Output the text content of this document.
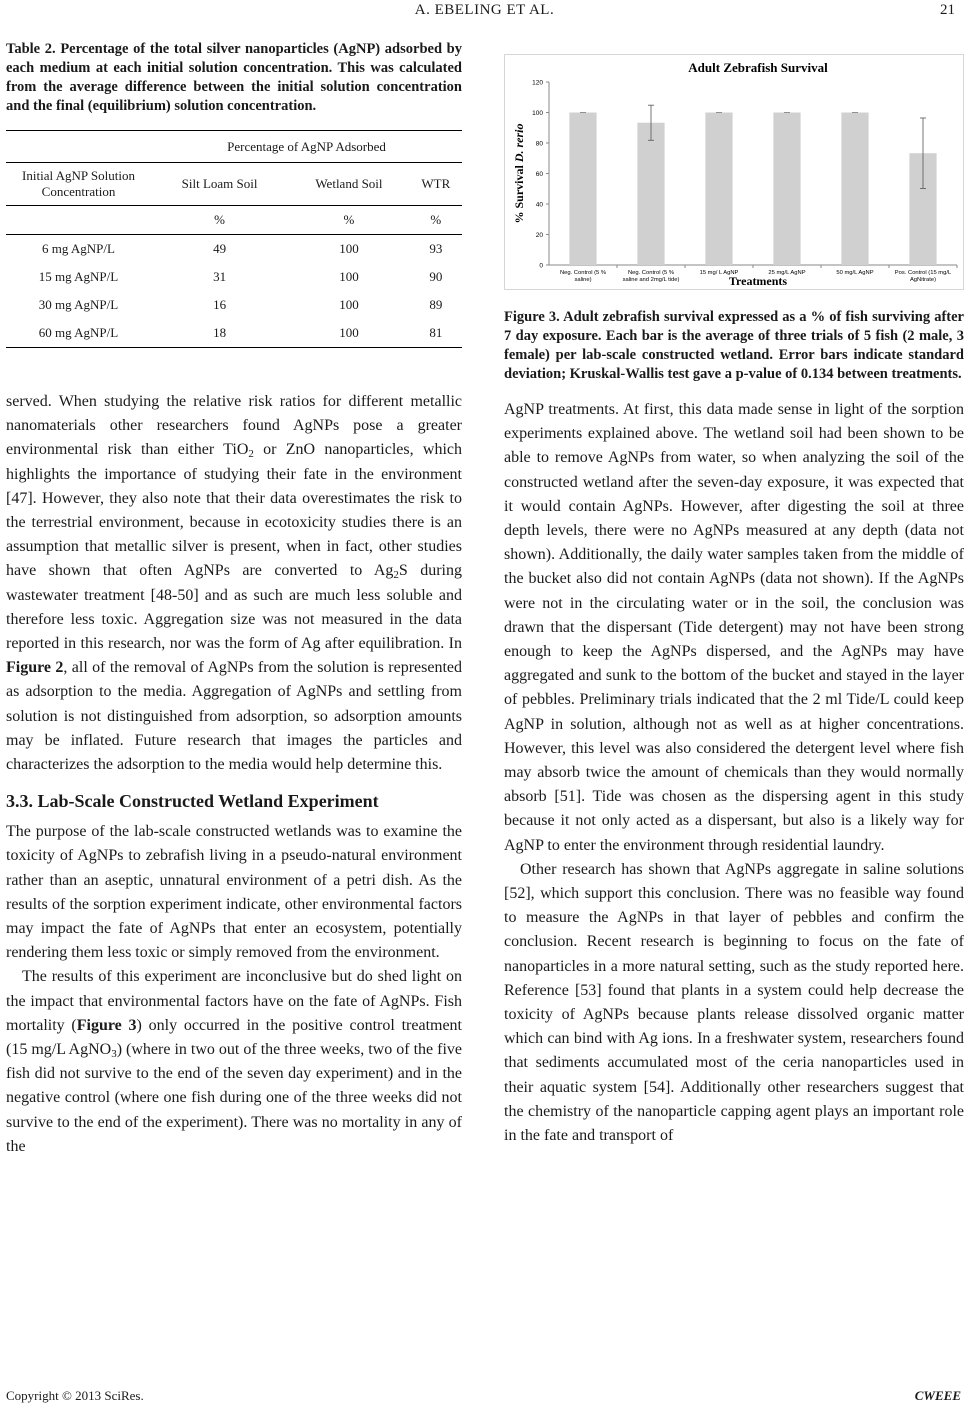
A. EBELING ET AL.	21

Table 2. Percentage of the total silver nanoparticles (AgNP) adsorbed by each medium at each initial solution concentration. This was calculated from the average difference between the initial solution concentration and the final (equilibrium) solution concentration.

	Percentage of AgNP Adsorbed		
Initial AgNP Solution Concentration	Silt Loam Soil	Wetland Soil	WTR
	%	%	%
6 mg AgNP/L	49	100	93
15 mg AgNP/L	31	100	90
30 mg AgNP/L	16	100	89
60 mg AgNP/L	18	100	81

served. When studying the relative risk ratios for different metallic nanomaterials other researchers found AgNPs pose a greater environmental risk than either TiO$_2$ or ZnO nanoparticles, which highlights the importance of studying their fate in the environment [47]. However, they also note that their data overestimates the risk to the terrestrial environment, because in ecotoxicity studies there is an assumption that metallic silver is present, when in fact, other studies have shown that often AgNPs are converted to $Ag_2S$ during wastewater treatment [48-50] and as such are much less soluble and therefore less toxic. Aggregation size was not measured in the data reported in this research, nor was the form of Ag after equilibration. In Figure 2, all of the removal of AgNPs from the solution is represented as adsorption to the media. Aggregation of AgNPs and settling from solution is not distinguished from adsorption, so adsorption amounts may be inflated. Future research that images the particles and characterizes the adsorption to the media would help determine this.

3.3. Lab-Scale Constructed Wetland Experiment

The purpose of the lab-scale constructed wetlands was to examine the toxicity of AgNPs to zebrafish living in a pseudo-natural environment rather than an aseptic, unnatural environment of a petri dish. As the results of the sorption experiment indicate, other environmental factors may impact the fate of AgNPs that enter an ecosystem, potentially rendering them less toxic or simply removed from the environment.

The results of this experiment are inconclusive but do shed light on the impact that environmental factors have on the fate of AgNPs. Fish mortality (Figure 3) only occurred in the positive control treatment (15 mg/L AgNO$_3$) (where in two out of the three weeks, two of the five fish did not survive to the end of the seven day experiment) and in the negative control (where one fish during one of the three weeks did not survive to the end of the experiment). There was no mortality in any of the

Adult Zebrafish Survival
% Survival D. rerio
0
20
40
60
80
100
120
Neg. Control (5 % saline)
Neg. Control (5 % saline and 2mg/L tide)
15 mg/ L AgNP	25 mg/L AgNP	50 mg/L AgNP	Pos. Control (15 mg/L AgNitrate)
Treatments

Figure 3. Adult zebrafish survival expressed as a % of fish surviving after 7 day exposure. Each bar is the average of three trials of 5 fish (2 male, 3 female) per lab-scale constructed wetland. Error bars indicate standard deviation; Kruskal-Wallis test gave a p-value of 0.134 between treatments.

AgNP treatments. At first, this data made sense in light of the sorption experiments explained above. The wetland soil had been shown to be able to remove AgNPs from water, so when analyzing the soil of the constructed wetland after the seven-day exposure, it was expected that it would contain AgNPs. However, after digesting the soil at three depth levels, there were no AgNPs measured at any depth (data not shown). Additionally, the daily water samples taken from the middle of the bucket also did not contain AgNPs (data not shown). If the AgNPs were not in the circulating water or in the soil, the conclusion was drawn that the dispersant (Tide detergent) may not have been strong enough to keep the AgNPs dispersed, and the AgNPs may have aggregated and sunk to the bottom of the bucket and stayed in the layer of pebbles. Preliminary trials indicated that the 2 ml Tide/L could keep AgNP in solution, although not as well as at higher concentrations. However, this level was also considered the detergent level where fish may absorb twice the amount of chemicals than they would normally absorb [51]. Tide was chosen as the dispersing agent in this study because it not only acted as a dispersant, but also is a likely way for AgNP to enter the environment through residential laundry.

Other research has shown that AgNPs aggregate in saline solutions [52], which support this conclusion. There was no feasible way found to measure the AgNPs in that layer of pebbles and confirm the conclusion. Recent research is beginning to focus on the fate of nanoparticles in a more natural setting, such as the study reported here. Reference [53] found that plants in a system could help decrease the toxicity of AgNPs because plants release dissolved organic matter which can bind with Ag ions. In a freshwater system, researchers found that sediments accumulated most of the ceria nanoparticles used in their aquatic system [54]. Additionally other researchers suggest that the chemistry of the nanoparticle capping agent plays an important role in the fate and transport of

Copyright © 2013 SciRes.	CWEEE
